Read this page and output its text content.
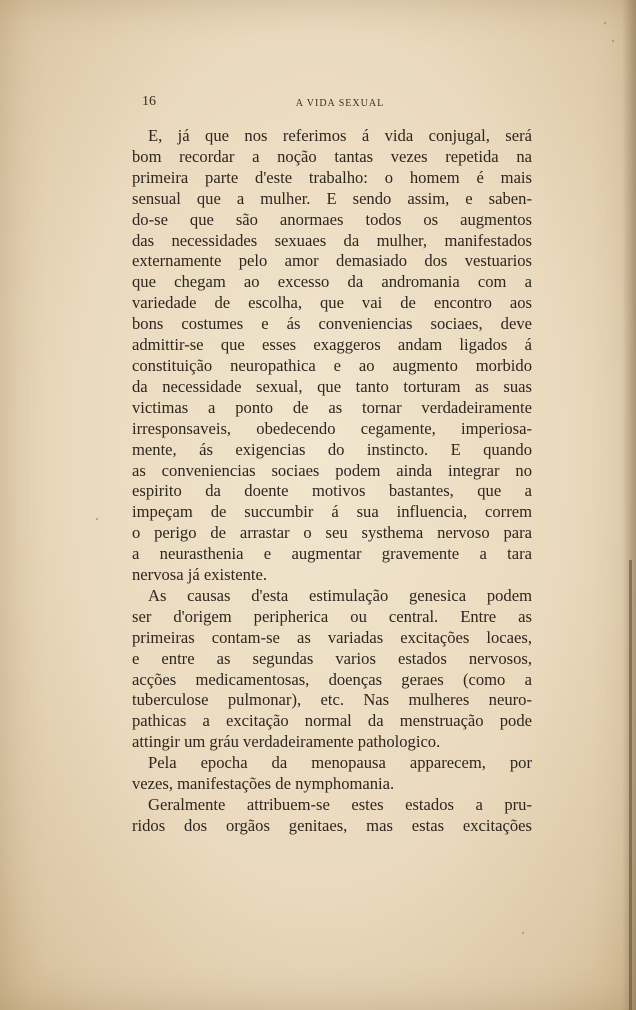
16	A VIDA SEXUAL
E, já que nos referimos á vida conjugal, será
bom recordar a noção tantas vezes repetida na
primeira parte d'este trabalho: o homem é mais
sensual que a mulher. E sendo assim, e saben-
do-se que são anormaes todos os augmentos
das necessidades sexuaes da mulher, manifestados
externamente pelo amor demasiado dos vestuarios
que chegam ao excesso da andromania com a
variedade de escolha, que vai de encontro aos
bons costumes e ás conveniencias sociaes, deve
admittir-se que esses exaggeros andam ligados á
constituição neuropathica e ao augmento morbido
da necessidade sexual, que tanto torturam as suas
victimas a ponto de as tornar verdadeiramente
irresponsaveis, obedecendo cegamente, imperiosa-
mente, ás exigencias do instincto. E quando
as conveniencias sociaes podem ainda integrar no
espirito da doente motivos bastantes, que a
impeçam de succumbir á sua influencia, correm
o perigo de arrastar o seu systhema nervoso para
a neurasthenia e augmentar gravemente a tara
nervosa já existente.
As causas d'esta estimulação genesica podem
ser d'origem peripherica ou central. Entre as
primeiras contam-se as variadas excitações locaes,
e entre as segundas varios estados nervosos,
acções medicamentosas, doenças geraes (como a
tuberculose pulmonar), etc. Nas mulheres neuro-
pathicas a excitação normal da menstruação pode
attingir um gráu verdadeiramente pathologico.
Pela epocha da menopausa apparecem, por
vezes, manifestações de nymphomania.
Geralmente attribuem-se estes estados a pru-
ridos dos orgãos genitaes, mas estas excitações
